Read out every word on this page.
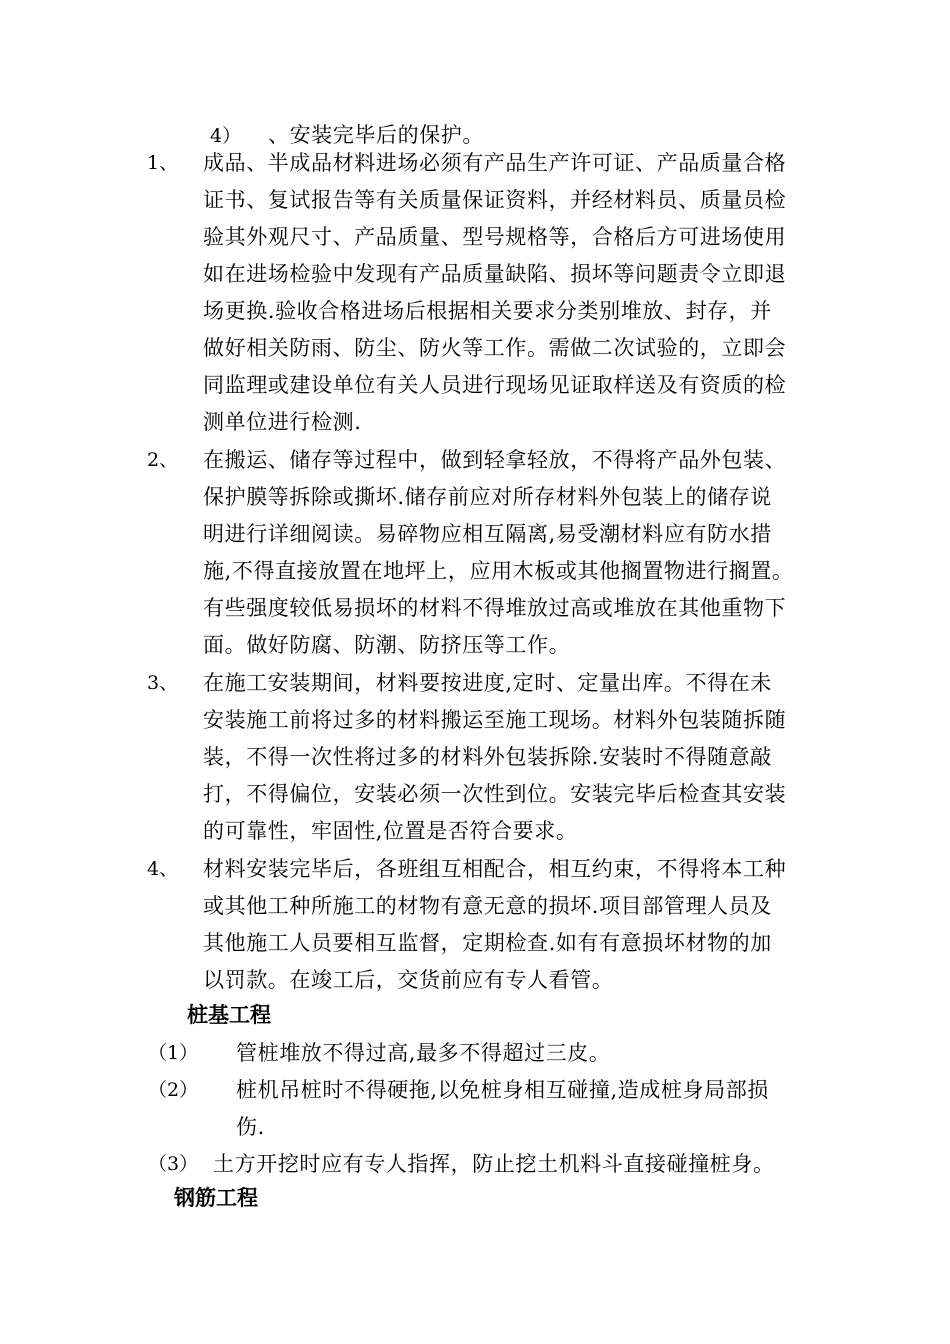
4） 、安装完毕后的保护。
1、 成品、半成品材料进场必须有产品生产许可证、产品质量合格
证书、复试报告等有关质量保证资料，并经材料员、质量员检
验其外观尺寸、产品质量、型号规格等，合格后方可进场使用
如在进场检验中发现有产品质量缺陷、损坏等问题责令立即退
场更换.验收合格进场后根据相关要求分类别堆放、封存，并
做好相关防雨、防尘、防火等工作。需做二次试验的，立即会
同监理或建设单位有关人员进行现场见证取样送及有资质的检
测单位进行检测.
2、 在搬运、储存等过程中，做到轻拿轻放，不得将产品外包装、
保护膜等拆除或撕坏.储存前应对所存材料外包装上的储存说
明进行详细阅读。易碎物应相互隔离,易受潮材料应有防水措
施,不得直接放置在地坪上，应用木板或其他搁置物进行搁置。
有些强度较低易损坏的材料不得堆放过高或堆放在其他重物下
面。做好防腐、防潮、防挤压等工作。
3、 在施工安装期间，材料要按进度,定时、定量出库。不得在未
安装施工前将过多的材料搬运至施工现场。材料外包装随拆随
装，不得一次性将过多的材料外包装拆除.安装时不得随意敲
打，不得偏位，安装必须一次性到位。安装完毕后检查其安装
的可靠性，牢固性,位置是否符合要求。
4、 材料安装完毕后，各班组互相配合，相互约束，不得将本工种
或其他工种所施工的材物有意无意的损坏.项目部管理人员及
其他施工人员要相互监督，定期检查.如有有意损坏材物的加
以罚款。在竣工后，交货前应有专人看管。
桩基工程
（1） 管桩堆放不得过高,最多不得超过三皮。
（2） 桩机吊桩时不得硬拖,以免桩身相互碰撞,造成桩身局部损
伤.
（3） 土方开挖时应有专人指挥，防止挖土机料斗直接碰撞桩身。
钢筋工程
